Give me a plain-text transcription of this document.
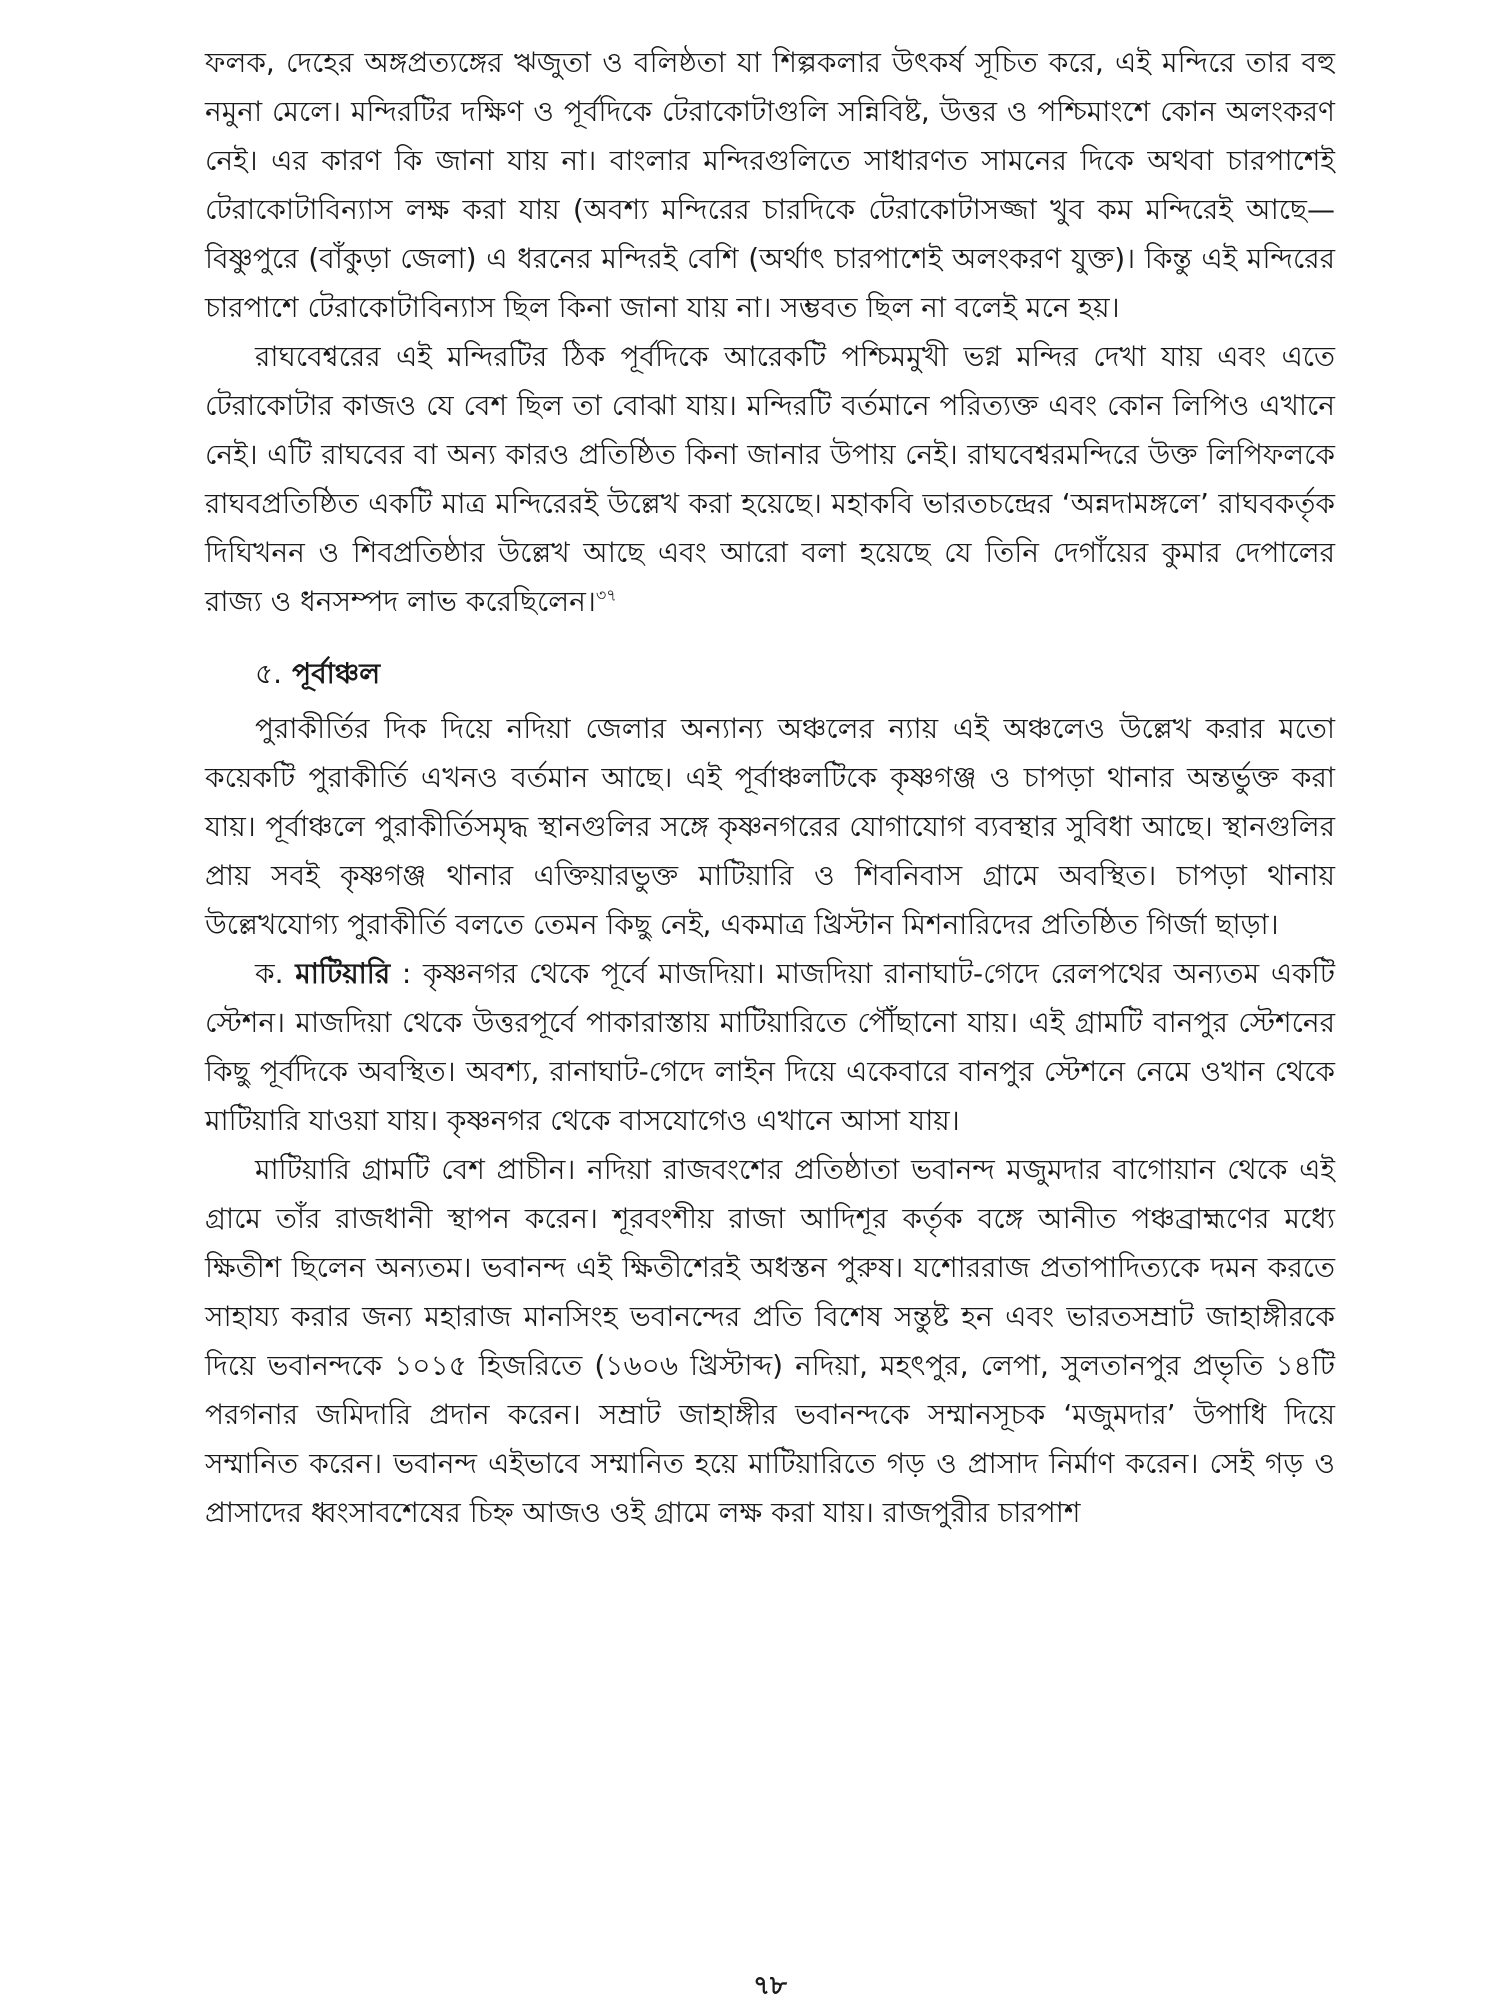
ফলক, দেহের অঙ্গপ্রত্যঙ্গের ঋজুতা ও বলিষ্ঠতা যা শিল্পকলার উৎকর্ষ সূচিত করে, এই মন্দিরে তার বহু নমুনা মেলে। মন্দিরটির দক্ষিণ ও পূর্বদিকে টেরাকোটাগুলি সন্নিবিষ্ট, উত্তর ও পশ্চিমাংশে কোন অলংকরণ নেই। এর কারণ কি জানা যায় না। বাংলার মন্দিরগুলিতে সাধারণত সামনের দিকে অথবা চারপাশেই টেরাকোটাবিন্যাস লক্ষ করা যায় (অবশ্য মন্দিরের চারদিকে টেরাকোটাসজ্জা খুব কম মন্দিরেই আছে—বিষ্ণুপুরে (বাঁকুড়া জেলা) এ ধরনের মন্দিরই বেশি (অর্থাৎ চারপাশেই অলংকরণ যুক্ত)। কিন্তু এই মন্দিরের চারপাশে টেরাকোটাবিন্যাস ছিল কিনা জানা যায় না। সম্ভবত ছিল না বলেই মনে হয়।

রাঘবেশ্বরের এই মন্দিরটির ঠিক পূর্বদিকে আরেকটি পশ্চিমমুখী ভগ্ন মন্দির দেখা যায় এবং এতে টেরাকোটার কাজও যে বেশ ছিল তা বোঝা যায়। মন্দিরটি বর্তমানে পরিত্যক্ত এবং কোন লিপিও এখানে নেই। এটি রাঘবের বা অন্য কারও প্রতিষ্ঠিত কিনা জানার উপায় নেই। রাঘবেশ্বরমন্দিরে উক্ত লিপিফলকে রাঘবপ্রতিষ্ঠিত একটি মাত্র মন্দিরেরই উল্লেখ করা হয়েছে। মহাকবি ভারতচন্দ্রের ‘অন্নদামঙ্গলে’ রাঘবকর্তৃক দিঘিখনন ও শিবপ্রতিষ্ঠার উল্লেখ আছে এবং আরো বলা হয়েছে যে তিনি দেগাঁয়ের কুমার দেপালের রাজ্য ও ধনসম্পদ লাভ করেছিলেন।$^{৩৭}$

৫. পূর্বাঞ্চল

পুরাকীর্তির দিক দিয়ে নদিয়া জেলার অন্যান্য অঞ্চলের ন্যায় এই অঞ্চলেও উল্লেখ করার মতো কয়েকটি পুরাকীর্তি এখনও বর্তমান আছে। এই পূর্বাঞ্চলটিকে কৃষ্ণগঞ্জ ও চাপড়া থানার অন্তর্ভুক্ত করা যায়। পূর্বাঞ্চলে পুরাকীর্তিসমৃদ্ধ স্থানগুলির সঙ্গে কৃষ্ণনগরের যোগাযোগ ব্যবস্থার সুবিধা আছে। স্থানগুলির প্রায় সবই কৃষ্ণগঞ্জ থানার এক্তিয়ারভুক্ত মাটিয়ারি ও শিবনিবাস গ্রামে অবস্থিত। চাপড়া থানায় উল্লেখযোগ্য পুরাকীর্তি বলতে তেমন কিছু নেই, একমাত্র খ্রিস্টান মিশনারিদের প্রতিষ্ঠিত গির্জা ছাড়া।

ক. মাটিয়ারি : কৃষ্ণনগর থেকে পূর্বে মাজদিয়া। মাজদিয়া রানাঘাট-গেদে রেলপথের অন্যতম একটি স্টেশন। মাজদিয়া থেকে উত্তরপূর্বে পাকারাস্তায় মাটিয়ারিতে পৌঁছানো যায়। এই গ্রামটি বানপুর স্টেশনের কিছু পূর্বদিকে অবস্থিত। অবশ্য, রানাঘাট-গেদে লাইন দিয়ে একেবারে বানপুর স্টেশনে নেমে ওখান থেকে মাটিয়ারি যাওয়া যায়। কৃষ্ণনগর থেকে বাসযোগেও এখানে আসা যায়।

মাটিয়ারি গ্রামটি বেশ প্রাচীন। নদিয়া রাজবংশের প্রতিষ্ঠাতা ভবানন্দ মজুমদার বাগোয়ান থেকে এই গ্রামে তাঁর রাজধানী স্থাপন করেন। শূরবংশীয় রাজা আদিশূর কর্তৃক বঙ্গে আনীত পঞ্চব্রাহ্মণের মধ্যে ক্ষিতীশ ছিলেন অন্যতম। ভবানন্দ এই ক্ষিতীশেরই অধস্তন পুরুষ। যশোররাজ প্রতাপাদিত্যকে দমন করতে সাহায্য করার জন্য মহারাজ মানসিংহ ভবানন্দের প্রতি বিশেষ সন্তুষ্ট হন এবং ভারতসম্রাট জাহাঙ্গীরকে দিয়ে ভবানন্দকে ১০১৫ হিজরিতে (১৬০৬ খ্রিস্টাব্দ) নদিয়া, মহৎপুর, লেপা, সুলতানপুর প্রভৃতি ১৪টি পরগনার জমিদারি প্রদান করেন। সম্রাট জাহাঙ্গীর ভবানন্দকে সম্মানসূচক ‘মজুমদার’ উপাধি দিয়ে সম্মানিত করেন। ভবানন্দ এইভাবে সম্মানিত হয়ে মাটিয়ারিতে গড় ও প্রাসাদ নির্মাণ করেন। সেই গড় ও প্রাসাদের ধ্বংসাবশেষের চিহ্ন আজও ওই গ্রামে লক্ষ করা যায়। রাজপুরীর চারপাশ

৭৮
